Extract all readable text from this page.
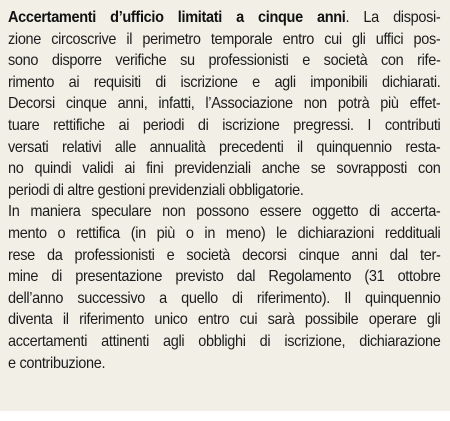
Accertamenti d’ufficio limitati a cinque anni. La disposi-
zione circoscrive il perimetro temporale entro cui gli uffici pos-
sono disporre verifiche su professionisti e società con rife-
rimento ai requisiti di iscrizione e agli imponibili dichiarati.
Decorsi cinque anni, infatti, l’Associazione non potrà più effet-
tuare rettifiche ai periodi di iscrizione pregressi. I contributi
versati relativi alle annualità precedenti il quinquennio resta-
no quindi validi ai fini previdenziali anche se sovrapposti con
periodi di altre gestioni previdenziali obbligatorie.
In maniera speculare non possono essere oggetto di accerta-
mento o rettifica (in più o in meno) le dichiarazioni reddituali
rese da professionisti e società decorsi cinque anni dal ter-
mine di presentazione previsto dal Regolamento (31 ottobre
dell’anno successivo a quello di riferimento). Il quinquennio
diventa il riferimento unico entro cui sarà possibile operare gli
accertamenti attinenti agli obblighi di iscrizione, dichiarazione
e contribuzione.
